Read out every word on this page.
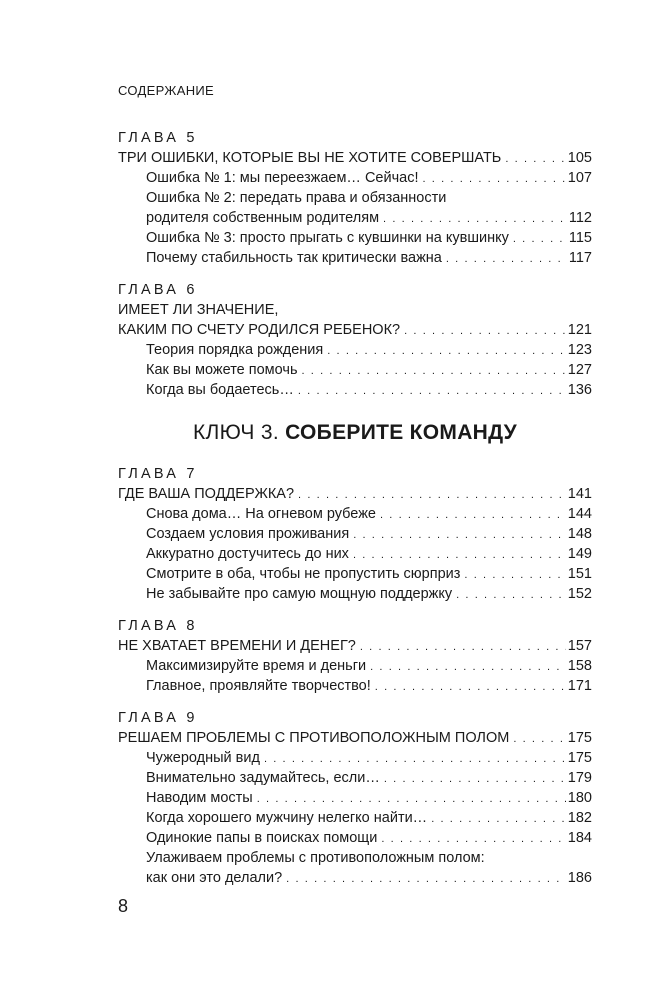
СОДЕРЖАНИЕ
ГЛАВА 5
ТРИ ОШИБКИ, КОТОРЫЕ ВЫ НЕ ХОТИТЕ СОВЕРШАТЬ . . .	105
Ошибка № 1: мы переезжаем… Сейчас! . . .	107
Ошибка № 2: передать права и обязанности
родителя собственным родителям . . .	112
Ошибка № 3: просто прыгать с кувшинки на кувшинку . . .	115
Почему стабильность так критически важна . . .	117
ГЛАВА 6
ИМЕЕТ ЛИ ЗНАЧЕНИЕ,
КАКИМ ПО СЧЕТУ РОДИЛСЯ РЕБЕНОК? . . .	121
Теория порядка рождения . . .	123
Как вы можете помочь . . .	127
Когда вы бодаетесь… . . .	136
КЛЮЧ 3. СОБЕРИТЕ КОМАНДУ
ГЛАВА 7
ГДЕ ВАША ПОДДЕРЖКА? . . .	141
Снова дома… На огневом рубеже . . .	144
Создаем условия проживания . . .	148
Аккуратно достучитесь до них . . .	149
Смотрите в оба, чтобы не пропустить сюрприз . . .	151
Не забывайте про самую мощную поддержку . . .	152
ГЛАВА 8
НЕ ХВАТАЕТ ВРЕМЕНИ И ДЕНЕГ? . . .	157
Максимизируйте время и деньги . . .	158
Главное, проявляйте творчество! . . .	171
ГЛАВА 9
РЕШАЕМ ПРОБЛЕМЫ С ПРОТИВОПОЛОЖНЫМ ПОЛОМ . . .	175
Чужеродный вид . . .	175
Внимательно задумайтесь, если… . . .	179
Наводим мосты . . .	180
Когда хорошего мужчину нелегко найти… . . .	182
Одинокие папы в поисках помощи . . .	184
Улаживаем проблемы с противоположным полом:
как они это делали? . . .	186
8
